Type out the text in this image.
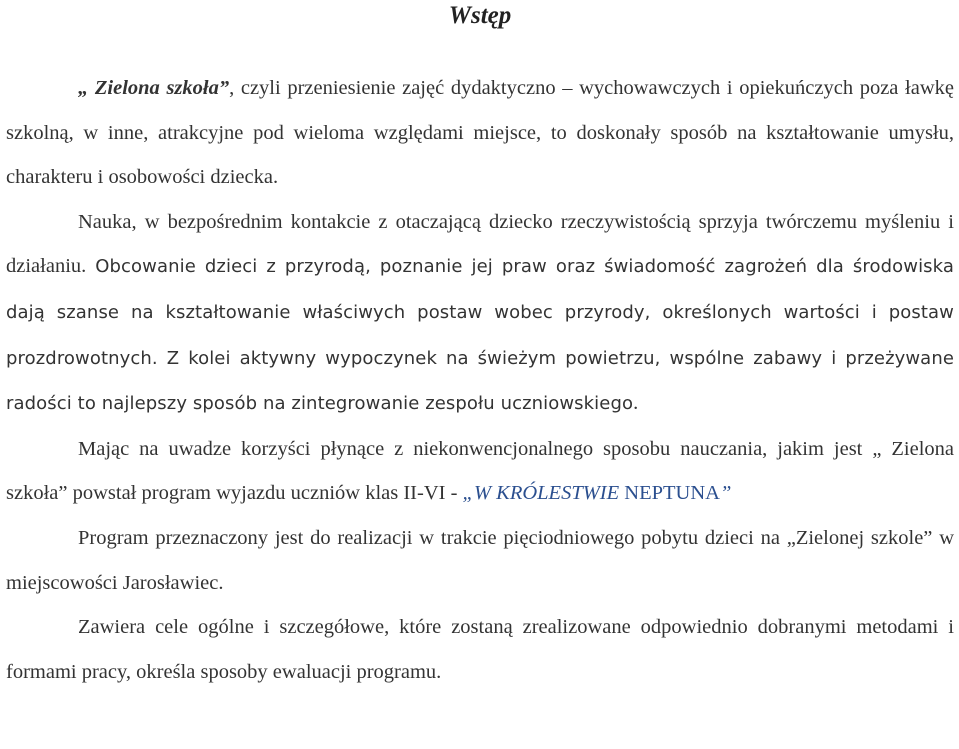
Wstęp

„ Zielona szkoła”, czyli przeniesienie zajęć dydaktyczno – wychowawczych i opiekuńczych poza ławkę szkolną, w inne, atrakcyjne pod wieloma względami miejsce, to doskonały sposób na kształtowanie umysłu, charakteru i osobowości dziecka.

Nauka, w bezpośrednim kontakcie z otaczającą dziecko rzeczywistością sprzyja twórczemu myśleniu i działaniu. Obcowanie dzieci z przyrodą, poznanie jej praw oraz świadomość zagrożeń dla środowiska dają szanse na kształtowanie właściwych postaw wobec przyrody, określonych wartości i postaw prozdrowotnych. Z kolei aktywny wypoczynek na świeżym powietrzu, wspólne zabawy i przeżywane radości to najlepszy sposób na zintegrowanie zespołu uczniowskiego.

Mając na uwadze korzyści płynące z niekonwencjonalnego sposobu nauczania, jakim jest „ Zielona szkoła” powstał program wyjazdu uczniów klas II-VI - „W KRÓLESTWIE NEPTUNA”

Program przeznaczony jest do realizacji w trakcie pięciodniowego pobytu dzieci na „Zielonej szkole” w miejscowości Jarosławiec.

Zawiera cele ogólne i szczegółowe, które zostaną zrealizowane odpowiednio dobranymi metodami i formami pracy, określa sposoby ewaluacji programu.
